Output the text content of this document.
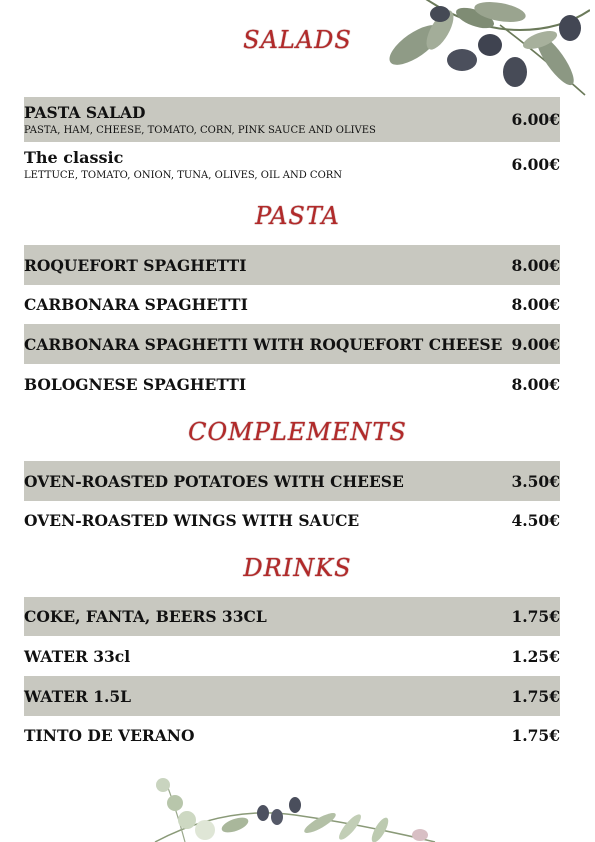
SALADS
PASTA SALAD
PASTA, HAM, CHEESE, TOMATO, CORN, PINK SAUCE AND OLIVES
6.00€
The classic
LETTUCE, TOMATO, ONION, TUNA, OLIVES, OIL AND CORN
6.00€
PASTA
ROQUEFORT SPAGHETTI	8.00€
CARBONARA SPAGHETTI	8.00€
CARBONARA SPAGHETTI WITH ROQUEFORT CHEESE 9.00€
BOLOGNESE SPAGHETTI	8.00€
COMPLEMENTS
OVEN-ROASTED POTATOES WITH CHEESE	3.50€
OVEN-ROASTED WINGS WITH SAUCE	4.50€
DRINKS
COKE, FANTA, BEERS 33CL	1.75€
WATER 33cl	1.25€
WATER 1.5L	1.75€
TINTO DE VERANO	1.75€
